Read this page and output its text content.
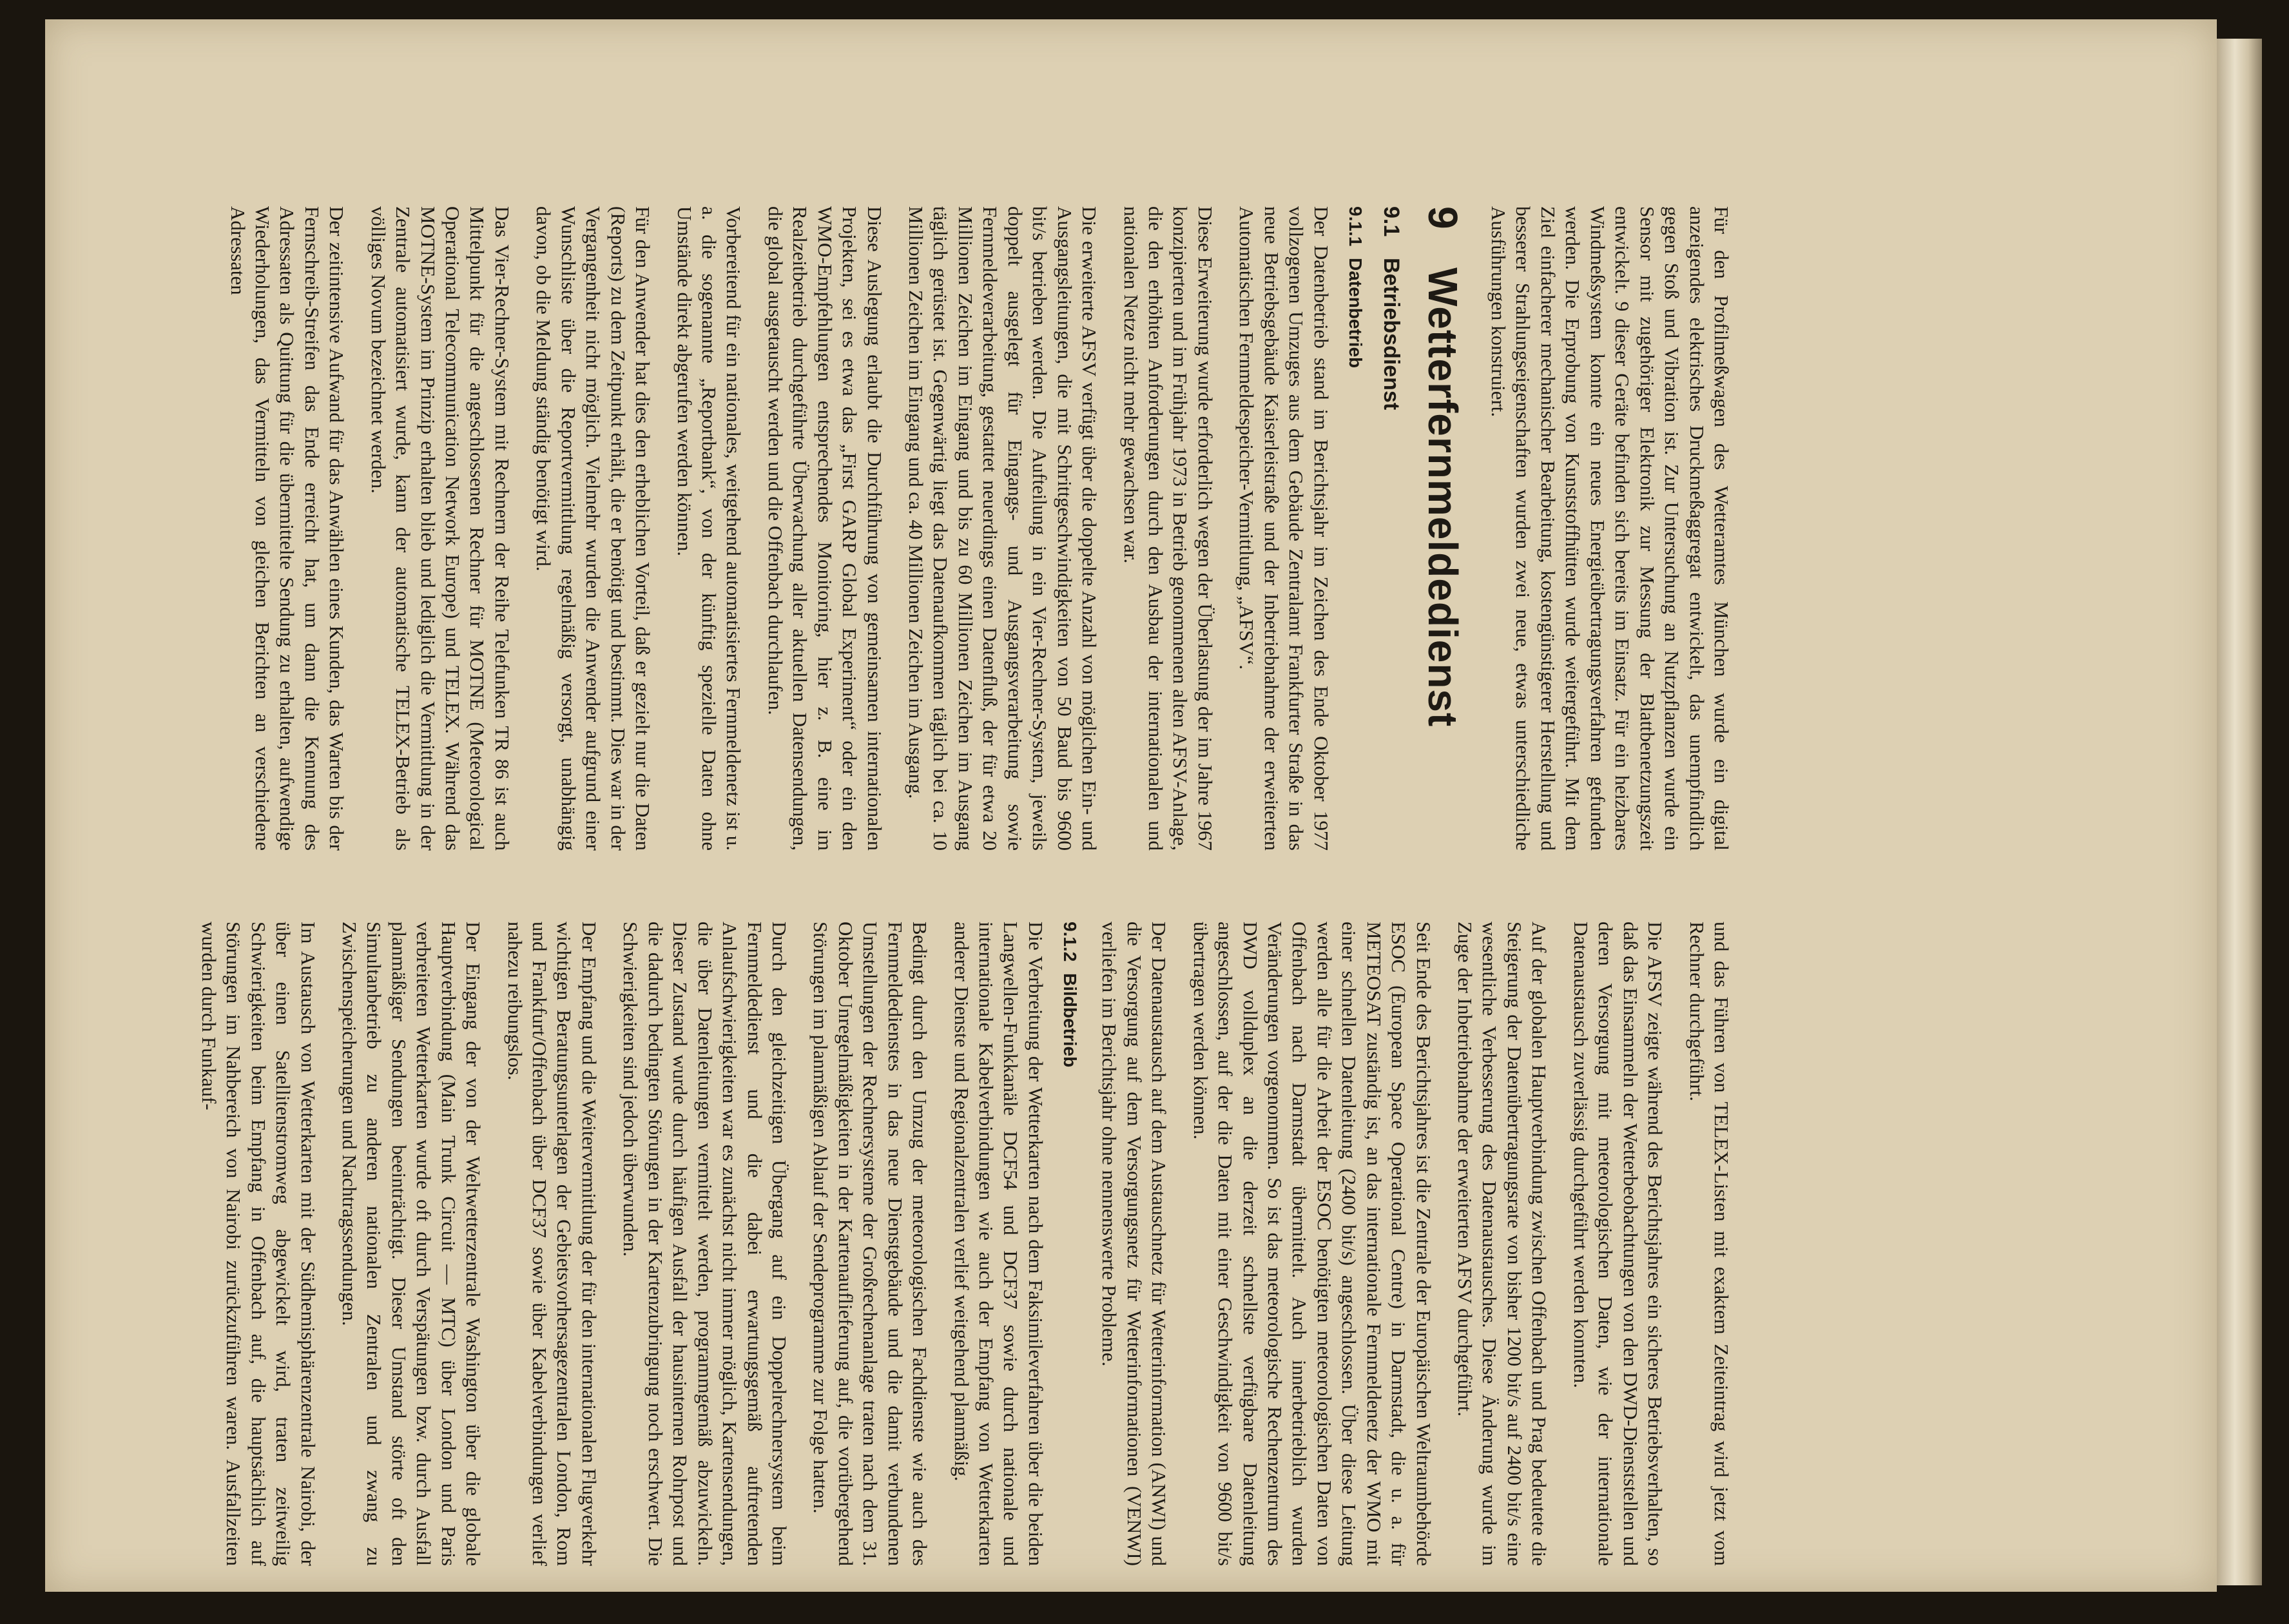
Für den Profilmeßwagen des Wetteramtes München wurde ein digital anzeigendes elektrisches Druckmeßaggregat entwickelt, das unempfindlich gegen Stoß und Vibration ist. Zur Untersuchung an Nutzpflanzen wurde ein Sensor mit zugehöriger Elektronik zur Messung der Blattbenetzungszeit entwickelt. 9 dieser Geräte befinden sich bereits im Einsatz. Für ein heizbares Windmeßsystem konnte ein neues Energieübertragungsverfahren gefunden werden. Die Erprobung von Kunststoffhütten wurde weitergeführt. Mit dem Ziel einfacherer mechanischer Bearbeitung, kostengünstigerer Herstellung und besserer Strahlungseigenschaften wurden zwei neue, etwas unterschiedliche Ausführungen konstruiert.

9Wetterfernmeldedienst
9.1Betriebsdienst
9.1.1Datenbetrieb

Der Datenbetrieb stand im Berichtsjahr im Zeichen des Ende Oktober 1977 vollzogenen Umzuges aus dem Gebäude Zentralamt Frankfurter Straße in das neue Betriebsgebäude Kaiserleistraße und der Inbetriebnahme der erweiterten Automatischen Fernmeldespeicher-Vermittlung, „AFSV“.

Diese Erweiterung wurde erforderlich wegen der Überlastung der im Jahre 1967 konzipierten und im Frühjahr 1973 in Betrieb genommenen alten AFSV-Anlage, die den erhöhten Anforderungen durch den Ausbau der internationalen und nationalen Netze nicht mehr gewachsen war.

Die erweiterte AFSV verfügt über die doppelte Anzahl von möglichen Ein- und Ausgangsleitungen, die mit Schrittgeschwindigkeiten von 50 Baud bis 9600 bit/s betrieben werden. Die Aufteilung in ein Vier-Rechner-System, jeweils doppelt ausgelegt für Eingangs- und Ausgangsverarbeitung sowie Fernmeldeverarbeitung, gestattet neuerdings einen Datenfluß, der für etwa 20 Millionen Zeichen im Eingang und bis zu 60 Millionen Zeichen im Ausgang täglich gerüstet ist. Gegenwärtig liegt das Datenaufkommen täglich bei ca. 10 Millionen Zeichen im Eingang und ca. 40 Millionen Zeichen im Ausgang.

Diese Auslegung erlaubt die Durchführung von gemeinsamen internationalen Projekten, sei es etwa das „First GARP Global Experiment“ oder ein den WMO-Empfehlungen entsprechendes Monitoring, hier z. B. eine im Realzeitbetrieb durchgeführte Überwachung aller aktuellen Datensendungen, die global ausgetauscht werden und die Offenbach durchlaufen.

Vorbereitend für ein nationales, weitgehend automatisiertes Fernmeldenetz ist u. a. die sogenannte „Reportbank“, von der künftig spezielle Daten ohne Umstände direkt abgerufen werden können.

Für den Anwender hat dies den erheblichen Vorteil, daß er gezielt nur die Daten (Reports) zu dem Zeitpunkt erhält, die er benötigt und bestimmt. Dies war in der Vergangenheit nicht möglich. Vielmehr wurden die Anwender aufgrund einer Wunschliste über die Reportvermittlung regelmäßig versorgt, unabhängig davon, ob die Meldung ständig benötigt wird.

Das Vier-Rechner-System mit Rechnern der Reihe Telefunken TR 86 ist auch Mittelpunkt für die angeschlossenen Rechner für MOTNE (Meteorological Operational Telecommunication Network Europe) und TELEX. Während das MOTNE-System im Prinzip erhalten blieb und lediglich die Vermittlung in der Zentrale automatisiert wurde, kann der automatische TELEX-Betrieb als völliges Novum bezeichnet werden.

Der zeitintensive Aufwand für das Anwählen eines Kunden, das Warten bis der Fernschreib-Streifen das Ende erreicht hat, um dann die Kennung des Adressaten als Quittung für die übermittelte Sendung zu erhalten, aufwendige Wiederholungen, das Vermitteln von gleichen Berichten an verschiedene Adressaten

und das Führen von TELEX-Listen mit exaktem Zeiteintrag wird jetzt vom Rechner durchgeführt.

Die AFSV zeigte während des Berichtsjahres ein sicheres Betriebsverhalten, so daß das Einsammeln der Wetterbeobachtungen von den DWD-Dienststellen und deren Versorgung mit meteorologischen Daten, wie der internationale Datenaustausch zuverlässig durchgeführt werden konnten.

Auf der globalen Hauptverbindung zwischen Offenbach und Prag bedeutete die Steigerung der Datenübertragungsrate von bisher 1200 bit/s auf 2400 bit/s eine wesentliche Verbesserung des Datenaustausches. Diese Änderung wurde im Zuge der Inbetriebnahme der erweiterten AFSV durchgeführt.

Seit Ende des Berichtsjahres ist die Zentrale der Europäischen Weltraumbehörde ESOC (European Space Operational Centre) in Darmstadt, die u. a. für METEOSAT zuständig ist, an das internationale Fernmeldenetz der WMO mit einer schnellen Datenleitung (2400 bit/s) angeschlossen. Über diese Leitung werden alle für die Arbeit der ESOC benötigten meteorologischen Daten von Offenbach nach Darmstadt übermittelt. Auch innerbetrieblich wurden Veränderungen vorgenommen. So ist das meteorologische Rechenzentrum des DWD vollduplex an die derzeit schnellste verfügbare Datenleitung angeschlossen, auf der die Daten mit einer Geschwindigkeit von 9600 bit/s übertragen werden können.

Der Datenaustausch auf dem Austauschnetz für Wetterinformation (ANWI) und die Versorgung auf dem Versorgungsnetz für Wetterinformationen (VENWI) verliefen im Berichtsjahr ohne nennenswerte Probleme.

9.1.2Bildbetrieb

Die Verbreitung der Wetterkarten nach dem Faksimileverfahren über die beiden Langwellen-Funkkanäle DCF54 und DCF37 sowie durch nationale und internationale Kabelverbindungen wie auch der Empfang von Wetterkarten anderer Dienste und Regionalzentralen verlief weitgehend planmäßig.

Bedingt durch den Umzug der meteorologischen Fachdienste wie auch des Fernmeldedienstes in das neue Dienstgebäude und die damit verbundenen Umstellungen der Rechnersysteme der Großrechenanlage traten nach dem 31. Oktober Unregelmäßigkeiten in der Kartenauflieferung auf, die vorübergehend Störungen im planmäßigen Ablauf der Sendeprogramme zur Folge hatten.

Durch den gleichzeitigen Übergang auf ein Doppelrechnersystem beim Fernmeldedienst und die dabei erwartungsgemäß auftretenden Anlaufschwierigkeiten war es zunächst nicht immer möglich, Kartensendungen, die über Datenleitungen vermittelt werden, programmgemäß abzuwickeln. Dieser Zustand wurde durch häufigen Ausfall der hausinternen Rohrpost und die dadurch bedingten Störungen in der Kartenzubringung noch erschwert. Die Schwierigkeiten sind jedoch überwunden.

Der Empfang und die Weitervermittlung der für den internationalen Flugverkehr wichtigen Beratungsunterlagen der Gebietsvorhersagezentralen London, Rom und Frankfurt/Offenbach über DCF37 sowie über Kabelverbindungen verlief nahezu reibungslos.

Der Eingang der von der Weltwetterzentrale Washington über die globale Hauptverbindung (Main Trunk Circuit — MTC) über London und Paris verbreiteten Wetterkarten wurde oft durch Verspätungen bzw. durch Ausfall planmäßiger Sendungen beeinträchtigt. Dieser Umstand störte oft den Simultanbetrieb zu anderen nationalen Zentralen und zwang zu Zwischenspeicherungen und Nachtragssendungen.

Im Austausch von Wetterkarten mit der Südhemisphärenzentrale Nairobi, der über einen Satellitenstromweg abgewickelt wird, traten zeitweilig Schwierigkeiten beim Empfang in Offenbach auf, die hauptsächlich auf Störungen im Nahbereich von Nairobi zurückzuführen waren. Ausfallzeiten wurden durch Funkauf-
